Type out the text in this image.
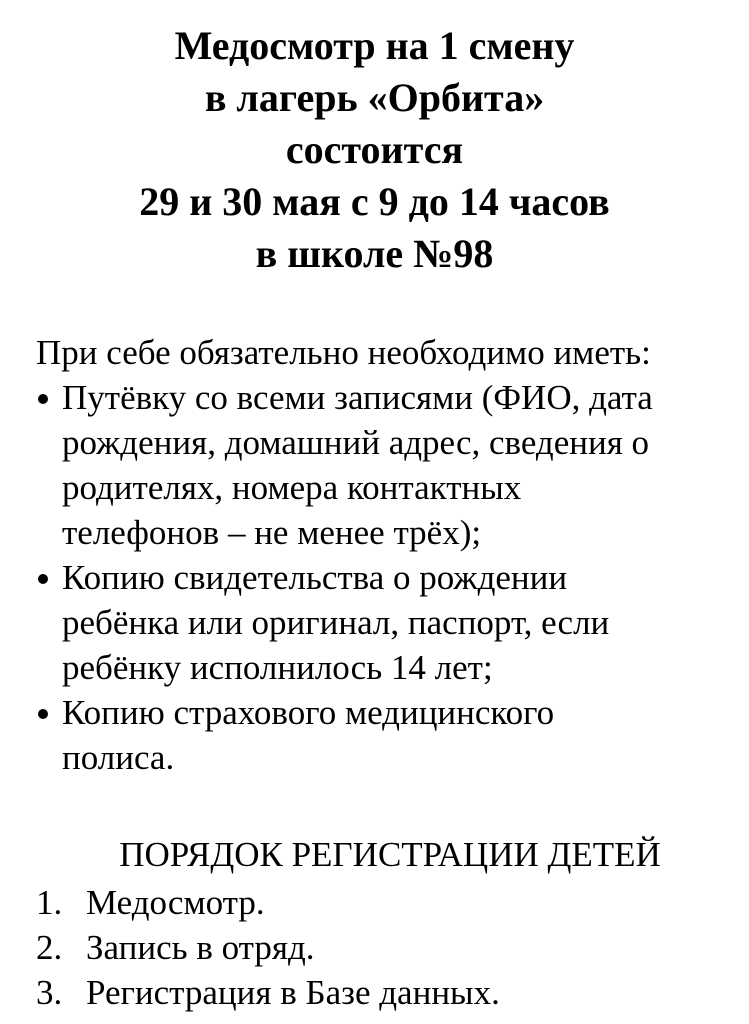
Медосмотр на 1 смену
в лагерь «Орбита»
состоится
29 и 30 мая с 9 до 14 часов
в школе №98
При себе обязательно необходимо иметь:
Путёвку со всеми записями (ФИО, дата
рождения, домашний адрес, сведения о
родителях, номера контактных
телефонов – не менее трёх);
Копию свидетельства о рождении
ребёнка или оригинал, паспорт, если
ребёнку исполнилось 14 лет;
Копию страхового медицинского
полиса.
ПОРЯДОК РЕГИСТРАЦИИ ДЕТЕЙ
1. Медосмотр.
2. Запись в отряд.
3. Регистрация в Базе данных.
